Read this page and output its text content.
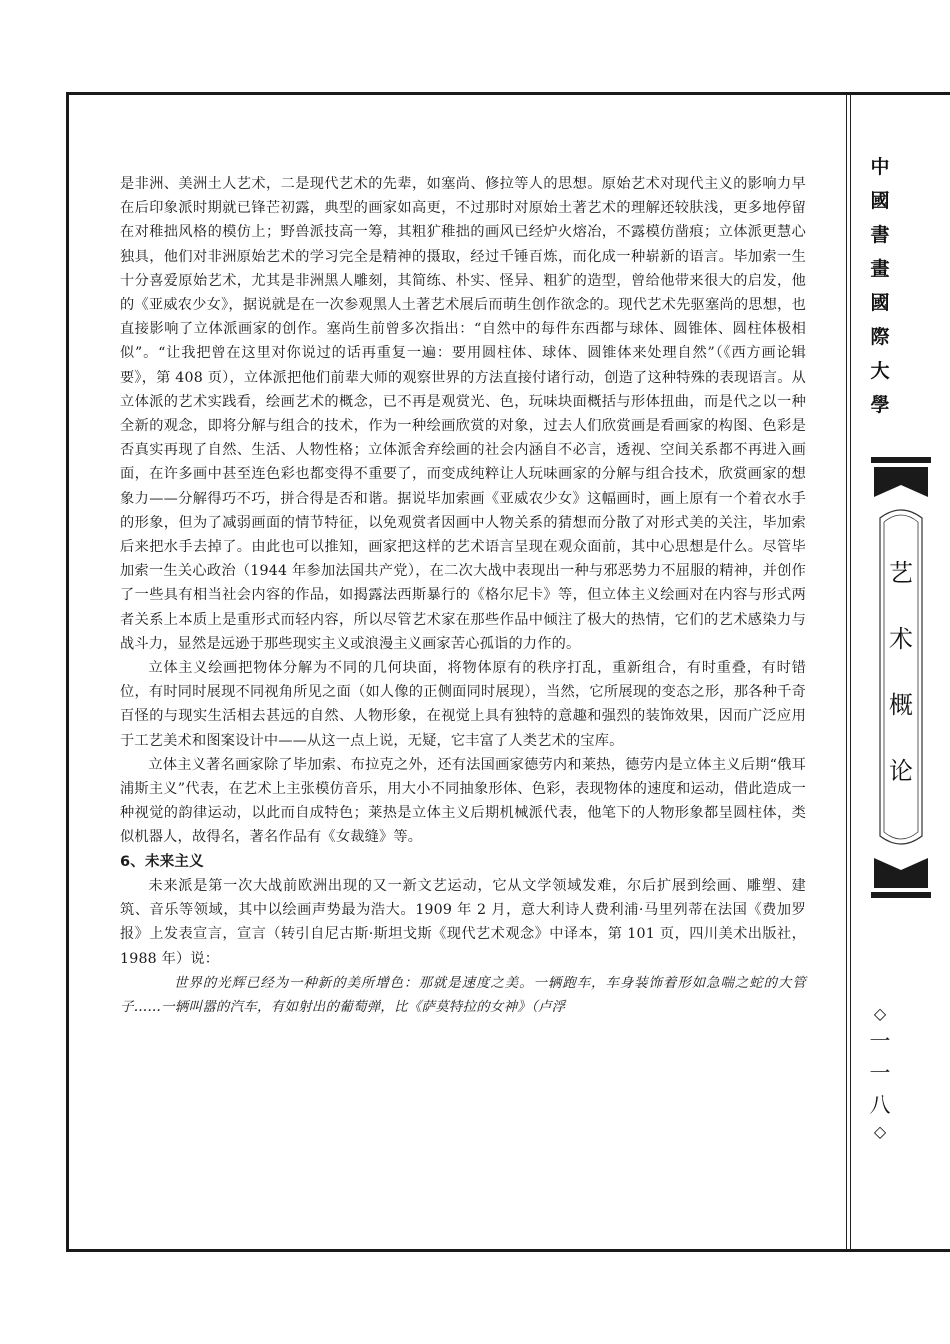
是非洲、美洲土人艺术，二是现代艺术的先辈，如塞尚、修拉等人的思想。原始艺术对现代主义的影响力早在后印象派时期就已锋芒初露，典型的画家如高更，不过那时对原始土著艺术的理解还较肤浅，更多地停留在对稚拙风格的模仿上；野兽派技高一筹，其粗犷稚拙的画风已经炉火熔冶，不露模仿凿痕；立体派更慧心独具，他们对非洲原始艺术的学习完全是精神的摄取，经过千锤百炼，而化成一种崭新的语言。毕加索一生十分喜爱原始艺术，尤其是非洲黑人雕刻，其简练、朴实、怪异、粗犷的造型，曾给他带来很大的启发，他的《亚威农少女》，据说就是在一次参观黑人土著艺术展后而萌生创作欲念的。现代艺术先驱塞尚的思想，也直接影响了立体派画家的创作。塞尚生前曾多次指出：“自然中的每件东西都与球体、圆锥体、圆柱体极相似”。“让我把曾在这里对你说过的话再重复一遍：要用圆柱体、球体、圆锥体来处理自然”（《西方画论辑要》，第 408 页），立体派把他们前辈大师的观察世界的方法直接付诸行动，创造了这种特殊的表现语言。从立体派的艺术实践看，绘画艺术的概念，已不再是观赏光、色，玩味块面概括与形体扭曲，而是代之以一种全新的观念，即将分解与组合的技术，作为一种绘画欣赏的对象，过去人们欣赏画是看画家的构图、色彩是否真实再现了自然、生活、人物性格；立体派舍弃绘画的社会内涵自不必言，透视、空间关系都不再进入画面，在许多画中甚至连色彩也都变得不重要了，而变成纯粹让人玩味画家的分解与组合技术，欣赏画家的想象力——分解得巧不巧，拼合得是否和谐。据说毕加索画《亚威农少女》这幅画时，画上原有一个着衣水手的形象，但为了减弱画面的情节特征，以免观赏者因画中人物关系的猜想而分散了对形式美的关注，毕加索后来把水手去掉了。由此也可以推知，画家把这样的艺术语言呈现在观众面前，其中心思想是什么。尽管毕加索一生关心政治（1944 年参加法国共产党），在二次大战中表现出一种与邪恶势力不屈服的精神，并创作了一些具有相当社会内容的作品，如揭露法西斯暴行的《格尔尼卡》等，但立体主义绘画对在内容与形式两者关系上本质上是重形式而轻内容，所以尽管艺术家在那些作品中倾注了极大的热情，它们的艺术感染力与战斗力，显然是远逊于那些现实主义或浪漫主义画家苦心孤诣的力作的。

立体主义绘画把物体分解为不同的几何块面，将物体原有的秩序打乱，重新组合，有时重叠，有时错位，有时同时展现不同视角所见之面（如人像的正侧面同时展现），当然，它所展现的变态之形，那各种千奇百怪的与现实生活相去甚远的自然、人物形象，在视觉上具有独特的意趣和强烈的装饰效果，因而广泛应用于工艺美术和图案设计中——从这一点上说，无疑，它丰富了人类艺术的宝库。

立体主义著名画家除了毕加索、布拉克之外，还有法国画家德劳内和莱热，德劳内是立体主义后期“俄耳浦斯主义”代表，在艺术上主张模仿音乐，用大小不同抽象形体、色彩，表现物体的速度和运动，借此造成一种视觉的韵律运动，以此而自成特色；莱热是立体主义后期机械派代表，他笔下的人物形象都呈圆柱体，类似机器人，故得名，著名作品有《女裁缝》等。

6、未来主义

未来派是第一次大战前欧洲出现的又一新文艺运动，它从文学领域发难，尔后扩展到绘画、雕塑、建筑、音乐等领域，其中以绘画声势最为浩大。1909 年 2 月，意大利诗人费利浦·马里列蒂在法国《费加罗报》上发表宣言，宣言（转引自尼古斯·斯坦戈斯《现代艺术观念》中译本，第 101 页，四川美术出版社，1988 年）说：

世界的光辉已经为一种新的美所增色：那就是速度之美。一辆跑车，车身装饰着形如急喘之蛇的大管子……一辆叫嚣的汽车，有如射出的葡萄弹，比《萨莫特拉的女神》（卢浮

中
國
書
畫
國
際
大
學
艺
术
概
论
◇
一
一
八
◇
